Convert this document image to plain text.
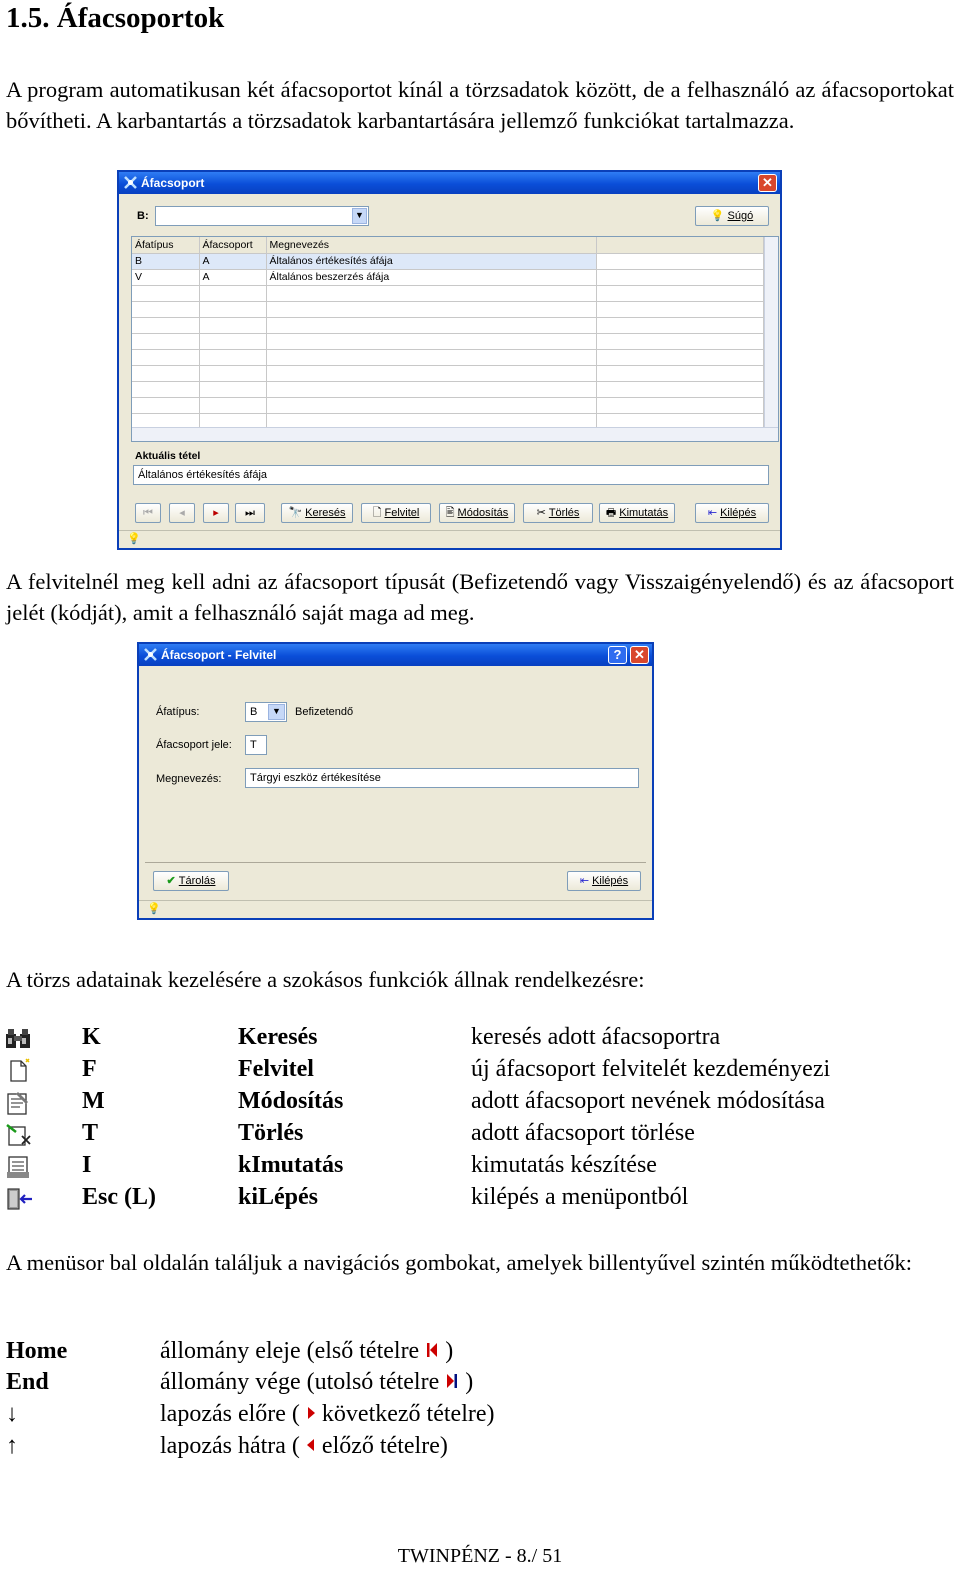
1.5. Áfacsoportok
A program automatikusan két áfacsoportot kínál a törzsadatok között, de a felhasználó az áfacsoportokat bővítheti. A karbantartás a törzsadatok karbantartására jellemző funkciókat tartalmazza.
Áfacsoport	✕
B:	▼	💡 Súgó
Áfatípus	Áfacsoport	Megnevezés	
B	A	Általános értékesítés áfája	
V	A	Általános beszerzés áfája	

Aktuális tétel
Általános értékesítés áfája
⏮	◂	▸	⏭	🔭 Keresés	🗋 Felvitel	🖹 Módosítás	✂ Törlés	🖶 Kimutatás	⇤ Kilépés
💡
A felvitelnél meg kell adni az áfacsoport típusát (Befizetendő vagy Visszaigényelendő) és az áfacsoport jelét (kódját), amit a felhasználó saját maga ad meg.
Áfacsoport - Felvitel	? ✕
Áfatípus:	B	▼	Befizetendő
Áfacsoport jele:	T
Megnevezés:	Tárgyi eszköz értékesítése
✔ Tárolás	⇤ Kilépés
💡
A törzs adatainak kezelésére a szokásos funkciók állnak rendelkezésre:
K	Keresés	keresés adott áfacsoportra
F	Felvitel	új áfacsoport felvitelét kezdeményezi
M	Módosítás	adott áfacsoport nevének módosítása
T	Törlés	adott áfacsoport törlése
I	kImutatás	kimutatás készítése
Esc (L)	kiLépés	kilépés a menüpontból
A menüsor bal oldalán találjuk a navigációs gombokat, amelyek billentyűvel szintén működtethetők:
Home	állomány eleje (első tételre  )
End	állomány vége (utolsó tételre  )
↓	lapozás előre (  következő tételre)
↑	lapozás hátra (  előző tételre)
TWINPÉNZ - 8./ 51
